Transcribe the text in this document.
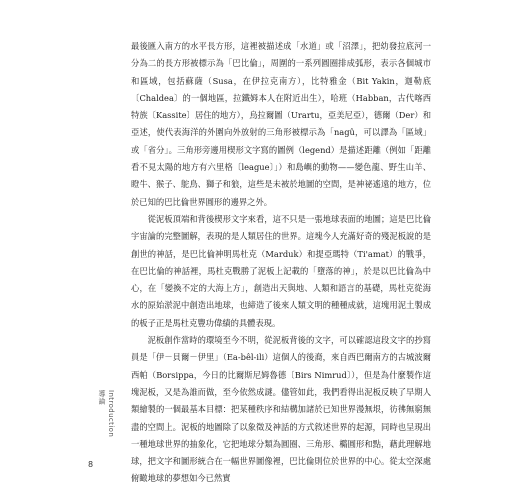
最後匯入南方的水平長方形，這裡被描述成「水道」或「沼澤」，把幼發拉底河一分為二的長方形被標示為「巴比倫」，周圍的一系列圓圈排成弧形，表示各個城市和區域，包括蘇薩（Susa，在伊拉克南方），比特雅金（Bit Yakin，迦勒底〔Chaldea〕的一個地區，拉鐵姆本人在附近出生），哈班（Habban，古代喀西特族〔Kassite〕居住的地方），烏拉爾圖（Urartu，亞美尼亞），德爾（Der）和亞述，使代表海洋的外圍向外放射的三角形被標示為「nagû，可以譯為「區域」或「省分」。三角形旁邊用楔形文字寫的圖例（legend）是描述距離（例如「距離看不見太陽的地方有六里格〔league〕」）和島嶼的動物——變色龍、野生山羊、瞪牛、猴子、鴕鳥、獅子和狼，這些是未被於地圖的空間，是神祕遙遠的地方，位於已知的巴比倫世界圓形的邊界之外。

從泥板頂端和背後楔形文字來看，這不只是一張地球表面的地圖；這是巴比倫宇宙論的完整圖解，表現的是人類居住的世界。這塊今人充滿好奇的殘泥板說的是創世的神話，是巴比倫神明馬杜克（Marduk）和提亞瑪特（Ti'amat）的戰爭，在巴比倫的神話裡，馬杜克戰勝了泥板上記載的「墮落的神」，於是以巴比倫為中心，在「變換不定的大海上方」，創造出天與地、人類和語言的基礎，馬杜克從海水的原始淤泥中創造出地球，也締造了後來人類文明的種種成就，這塊用泥土製成的板子正是馬杜克豐功偉績的具體表現。

泥板創作當時的環境至今不明，從泥板背後的文字，可以確認這段文字的抄寫員是「伊－貝爾－伊里」（Ea-bêl-ili）這個人的後裔，來自西巴爾南方的古城波爾西帕（Borsippa，今日的比爾斯尼姆魯德〔Birs Nimrud〕），但是為什麼製作這塊泥板，又是為誰而做，至今依然成謎。儘管如此，我們看得出泥板反映了早期人類繪製的一個最基本目標：把某種秩序和結構加諸於已知世界漫無垠，彷彿無窮無盡的空間上。泥板的地圖除了以象徵及神話的方式敘述世界的起源，同時也呈現出一種地球世界的抽象化，它把地球分類為圓圈、三角形、橢圓形和點，藉此理解地球，把文字和圖形統合在一幅世界圖像裡，巴比倫則位於世界的中心。從太空深處俯瞰地球的夢想如今已然實

Introduction
導論
8
